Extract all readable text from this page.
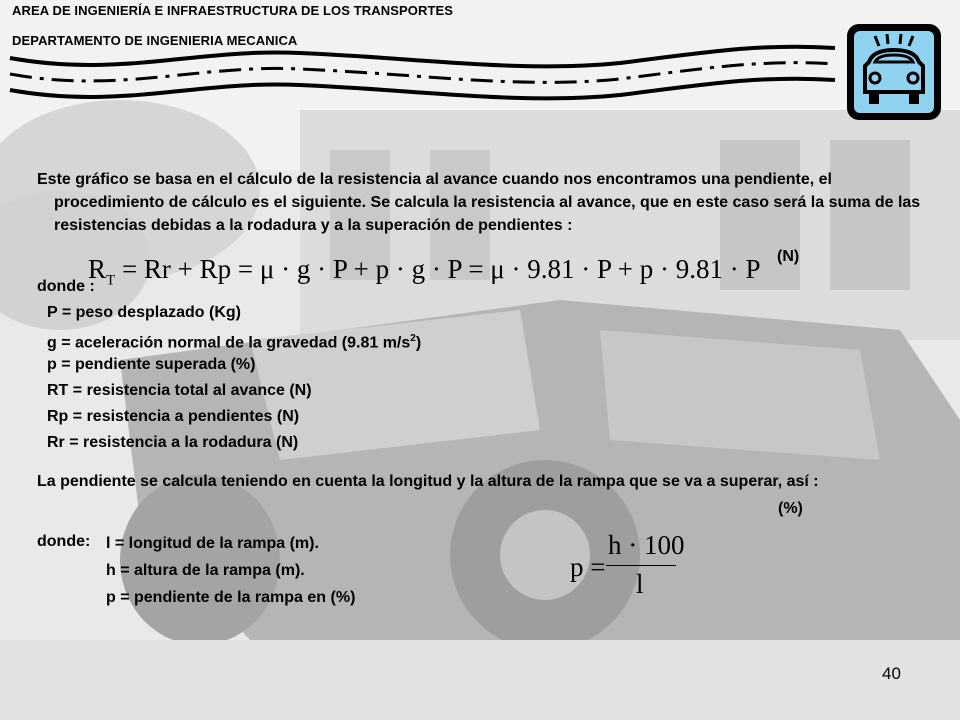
AREA DE INGENIERÍA E INFRAESTRUCTURA DE LOS TRANSPORTES
DEPARTAMENTO DE INGENIERIA MECANICA
Este gráfico se basa en el cálculo de la resistencia al avance cuando nos encontramos una pendiente, el procedimiento de cálculo es el siguiente. Se calcula la resistencia al avance, que en este caso será la suma de las resistencias debidas a la rodadura y a la superación de pendientes :
$R_T = Rr + Rp = \mu \cdot g \cdot P + p \cdot g \cdot P = \mu \cdot 9.81 \cdot P + p \cdot 9.81 \cdot P$ (N)
donde :
P = peso desplazado (Kg)
g = aceleración normal de la gravedad (9.81 $m/s^2$)
p = pendiente superada (%)
RT = resistencia total al avance (N)
Rp = resistencia a pendientes (N)
Rr = resistencia a la rodadura (N)
La pendiente se calcula teniendo en cuenta la longitud y la altura de la rampa que se va a superar, así :
(%)
donde: l = longitud de la rampa (m).
h = altura de la rampa (m).
p = pendiente de la rampa en (%)
p =
h · 100
l
40
